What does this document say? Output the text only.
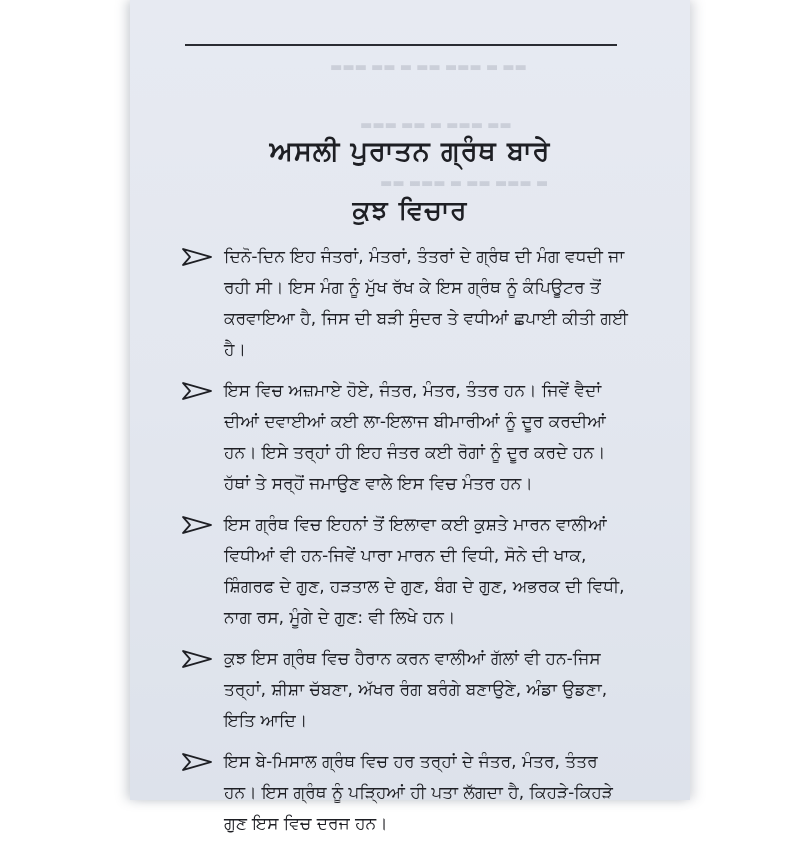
▬▬ ▬ ▬▬▬ ▬▬ ▬ ▬▬ ▬▬▬
▬▬ ▬▬▬ ▬ ▬▬ ▬▬▬
▬ ▬▬▬ ▬▬ ▬ ▬▬▬ ▬▬
ਅਸਲੀ ਪੁਰਾਤਨ ਗ੍ਰੰਥ ਬਾਰੇ
ਕੁਝ ਵਿਚਾਰ

ਦਿਨੋ-ਦਿਨ ਇਹ ਜੰਤਰਾਂ, ਮੰਤਰਾਂ, ਤੰਤਰਾਂ ਦੇ ਗ੍ਰੰਥ ਦੀ ਮੰਗ ਵਧਦੀ ਜਾ ਰਹੀ ਸੀ। ਇਸ ਮੰਗ ਨੂੰ ਮੁੱਖ ਰੱਖ ਕੇ ਇਸ ਗ੍ਰੰਥ ਨੂੰ ਕੰਪਿਊਟਰ ਤੋਂ ਕਰਵਾਇਆ ਹੈ, ਜਿਸ ਦੀ ਬੜੀ ਸੁੰਦਰ ਤੇ ਵਧੀਆਂ ਛਪਾਈ ਕੀਤੀ ਗਈ ਹੈ।

ਇਸ ਵਿਚ ਅਜ਼ਮਾਏ ਹੋਏ, ਜੰਤਰ, ਮੰਤਰ, ਤੰਤਰ ਹਨ। ਜਿਵੇਂ ਵੈਦਾਂ ਦੀਆਂ ਦਵਾਈਆਂ ਕਈ ਲਾ-ਇਲਾਜ ਬੀਮਾਰੀਆਂ ਨੂੰ ਦੂਰ ਕਰਦੀਆਂ ਹਨ। ਇਸੇ ਤਰ੍ਹਾਂ ਹੀ ਇਹ ਜੰਤਰ ਕਈ ਰੋਗਾਂ ਨੂੰ ਦੂਰ ਕਰਦੇ ਹਨ। ਹੱਥਾਂ ਤੇ ਸਰ੍ਹੋਂ ਜਮਾਉਣ ਵਾਲੇ ਇਸ ਵਿਚ ਮੰਤਰ ਹਨ।

ਇਸ ਗ੍ਰੰਥ ਵਿਚ ਇਹਨਾਂ ਤੋਂ ਇਲਾਵਾ ਕਈ ਕੁਸ਼ਤੇ ਮਾਰਨ ਵਾਲੀਆਂ ਵਿਧੀਆਂ ਵੀ ਹਨ-ਜਿਵੇਂ ਪਾਰਾ ਮਾਰਨ ਦੀ ਵਿਧੀ, ਸੋਨੇ ਦੀ ਖਾਕ, ਸ਼ਿੰਗਰਫ ਦੇ ਗੁਣ, ਹੜਤਾਲ ਦੇ ਗੁਣ, ਬੰਗ ਦੇ ਗੁਣ, ਅਭਰਕ ਦੀ ਵਿਧੀ, ਨਾਗ ਰਸ, ਮੂੰਗੇ ਦੇ ਗੁਣ: ਵੀ ਲਿਖੇ ਹਨ।

ਕੁਝ ਇਸ ਗ੍ਰੰਥ ਵਿਚ ਹੈਰਾਨ ਕਰਨ ਵਾਲੀਆਂ ਗੱਲਾਂ ਵੀ ਹਨ-ਜਿਸ ਤਰ੍ਹਾਂ, ਸ਼ੀਸ਼ਾ ਚੱਬਣਾ, ਅੱਖਰ ਰੰਗ ਬਰੰਗੇ ਬਣਾਉਣੇ, ਅੰਡਾ ਉਡਣਾ, ਇਤਿ ਆਦਿ।

ਇਸ ਬੇ-ਮਿਸਾਲ ਗ੍ਰੰਥ ਵਿਚ ਹਰ ਤਰ੍ਹਾਂ ਦੇ ਜੰਤਰ, ਮੰਤਰ, ਤੰਤਰ ਹਨ। ਇਸ ਗ੍ਰੰਥ ਨੂੰ ਪੜ੍ਹਿਆਂ ਹੀ ਪਤਾ ਲੱਗਦਾ ਹੈ, ਕਿਹੜੇ-ਕਿਹੜੇ ਗੁਣ ਇਸ ਵਿਚ ਦਰਜ ਹਨ।
